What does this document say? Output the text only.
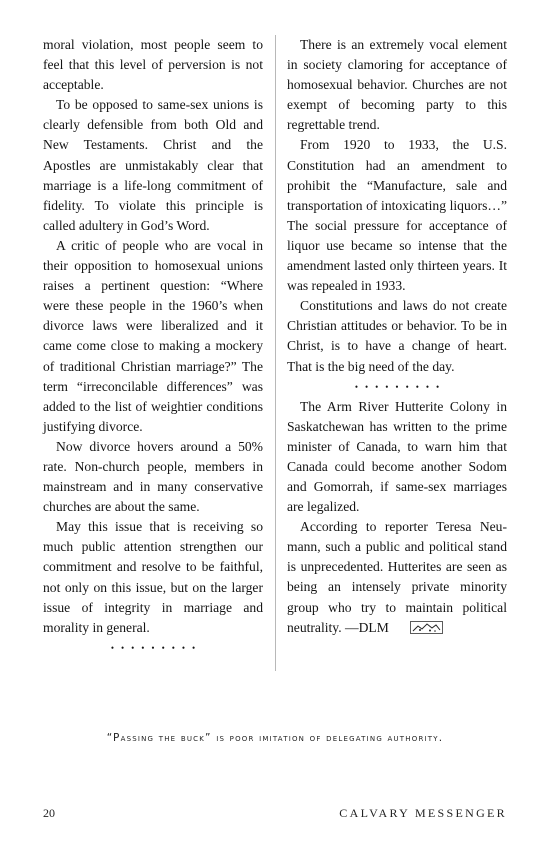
moral violation, most people seem to feel that this level of perversion is not acceptable.

To be opposed to same-sex unions is clearly defensible from both Old and New Testaments. Christ and the Apostles are unmistakably clear that marriage is a life-long commitment of fidelity. To violate this principle is called adultery in God’s Word.

A critic of people who are vocal in their opposition to homosexual unions raises a pertinent question: “Where were these people in the 1960’s when divorce laws were liberalized and it came come close to making a mockery of traditional Christian marriage?” The term “irreconcilable differences” was added to the list of weightier conditions justifying divorce.

Now divorce hovers around a 50% rate. Non-church people, members in mainstream and in many conservative churches are about the same.

May this issue that is receiving so much public attention strengthen our commitment and resolve to be faithful, not only on this issue, but on the larger issue of integrity in marriage and morality in general.

•••••••••

There is an extremely vocal element in society clamoring for acceptance of homosexual behavior. Churches are not exempt of becoming party to this regrettable trend.

From 1920 to 1933, the U.S. Constitution had an amendment to prohibit the “Manufacture, sale and transportation of intoxicating liquors…” The social pressure for acceptance of liquor use became so intense that the amendment lasted only thirteen years. It was repealed in 1933.

Constitutions and laws do not create Christian attitudes or behavior. To be in Christ, is to have a change of heart. That is the big need of the day.

•••••••••

The Arm River Hutterite Colony in Saskatchewan has written to the prime minister of Canada, to warn him that Canada could become another Sodom and Gomorrah, if same-sex marriages are legalized.

According to reporter Teresa Neumann, such a public and political stand is unprecedented. Hutterites are seen as being an intensely private minority group who try to maintain political neutrality. —DLM

“Passing the buck” is poor imitation of delegating authority.
20	CALVARY MESSENGER
